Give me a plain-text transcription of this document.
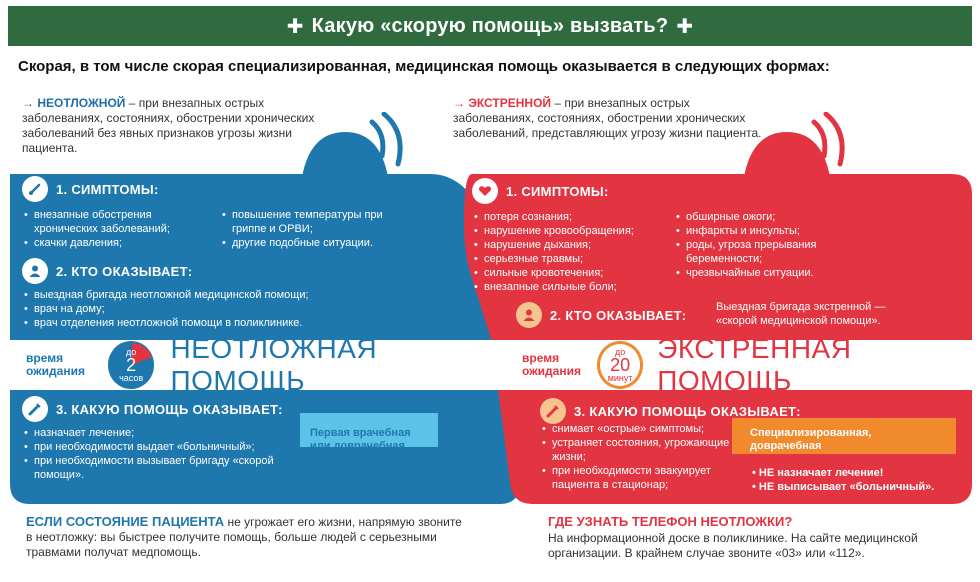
✚ Какую «скорую помощь» вызвать? ✚
Скорая, в том числе скорая специализированная, медицинская помощь оказывается в следующих формах:
→ НЕОТЛОЖНОЙ – при внезапных острых заболеваниях, состояниях, обострении хронических заболеваний без явных признаков угрозы жизни пациента.
→ ЭКСТРЕННОЙ – при внезапных острых заболеваниях, состояниях, обострении хронических заболеваний, представляющих угрозу жизни пациента.
1. СИМПТОМЫ:
• внезапные обострения хронических заболеваний;
• скачки давления;
• повышение температуры при гриппе и ОРВИ;
• другие подобные ситуации.
2. КТО ОКАЗЫВАЕТ:
• выездная бригада неотложной медицинской помощи;
• врач на дому;
• врач отделения неотложной помощи в поликлинике.
время ожидания
до
2
часов
НЕОТЛОЖНАЯ ПОМОЩЬ
3. КАКУЮ ПОМОЩЬ ОКАЗЫВАЕТ:
• назначает лечение;
• при необходимости выдает «больничный»;
• при необходимости вызывает бригаду «скорой помощи».
Первая врачебная или доврачебная помощь
1. СИМПТОМЫ:
• потеря сознания;
• нарушение кровообращения;
• нарушение дыхания;
• серьезные травмы;
• сильные кровотечения;
• внезапные сильные боли;
• обширные ожоги;
• инфаркты и инсульты;
• роды, угроза прерывания беременности;
• чрезвычайные ситуации.
2. КТО ОКАЗЫВАЕТ:
Выездная бригада экстренной — «скорой медицинской помощи».
время ожидания
до
20
минут
ЭКСТРЕННАЯ ПОМОЩЬ
3. КАКУЮ ПОМОЩЬ ОКАЗЫВАЕТ:
• снимает «острые» симптомы;
• устраняет состояния, угрожающие жизни;
• при необходимости эвакуирует пациента в стационар;
Специализированная, доврачебная
• НЕ назначает лечение!
• НЕ выписывает «больничный».
ЕСЛИ СОСТОЯНИЕ ПАЦИЕНТА не угрожает его жизни, напрямую звоните в неотложку: вы быстрее получите помощь, больше людей с серьезными травмами получат медпомощь.
ГДЕ УЗНАТЬ ТЕЛЕФОН НЕОТЛОЖКИ?
На информационной доске в поликлинике. На сайте медицинской организации. В крайнем случае звоните «03» или «112».
